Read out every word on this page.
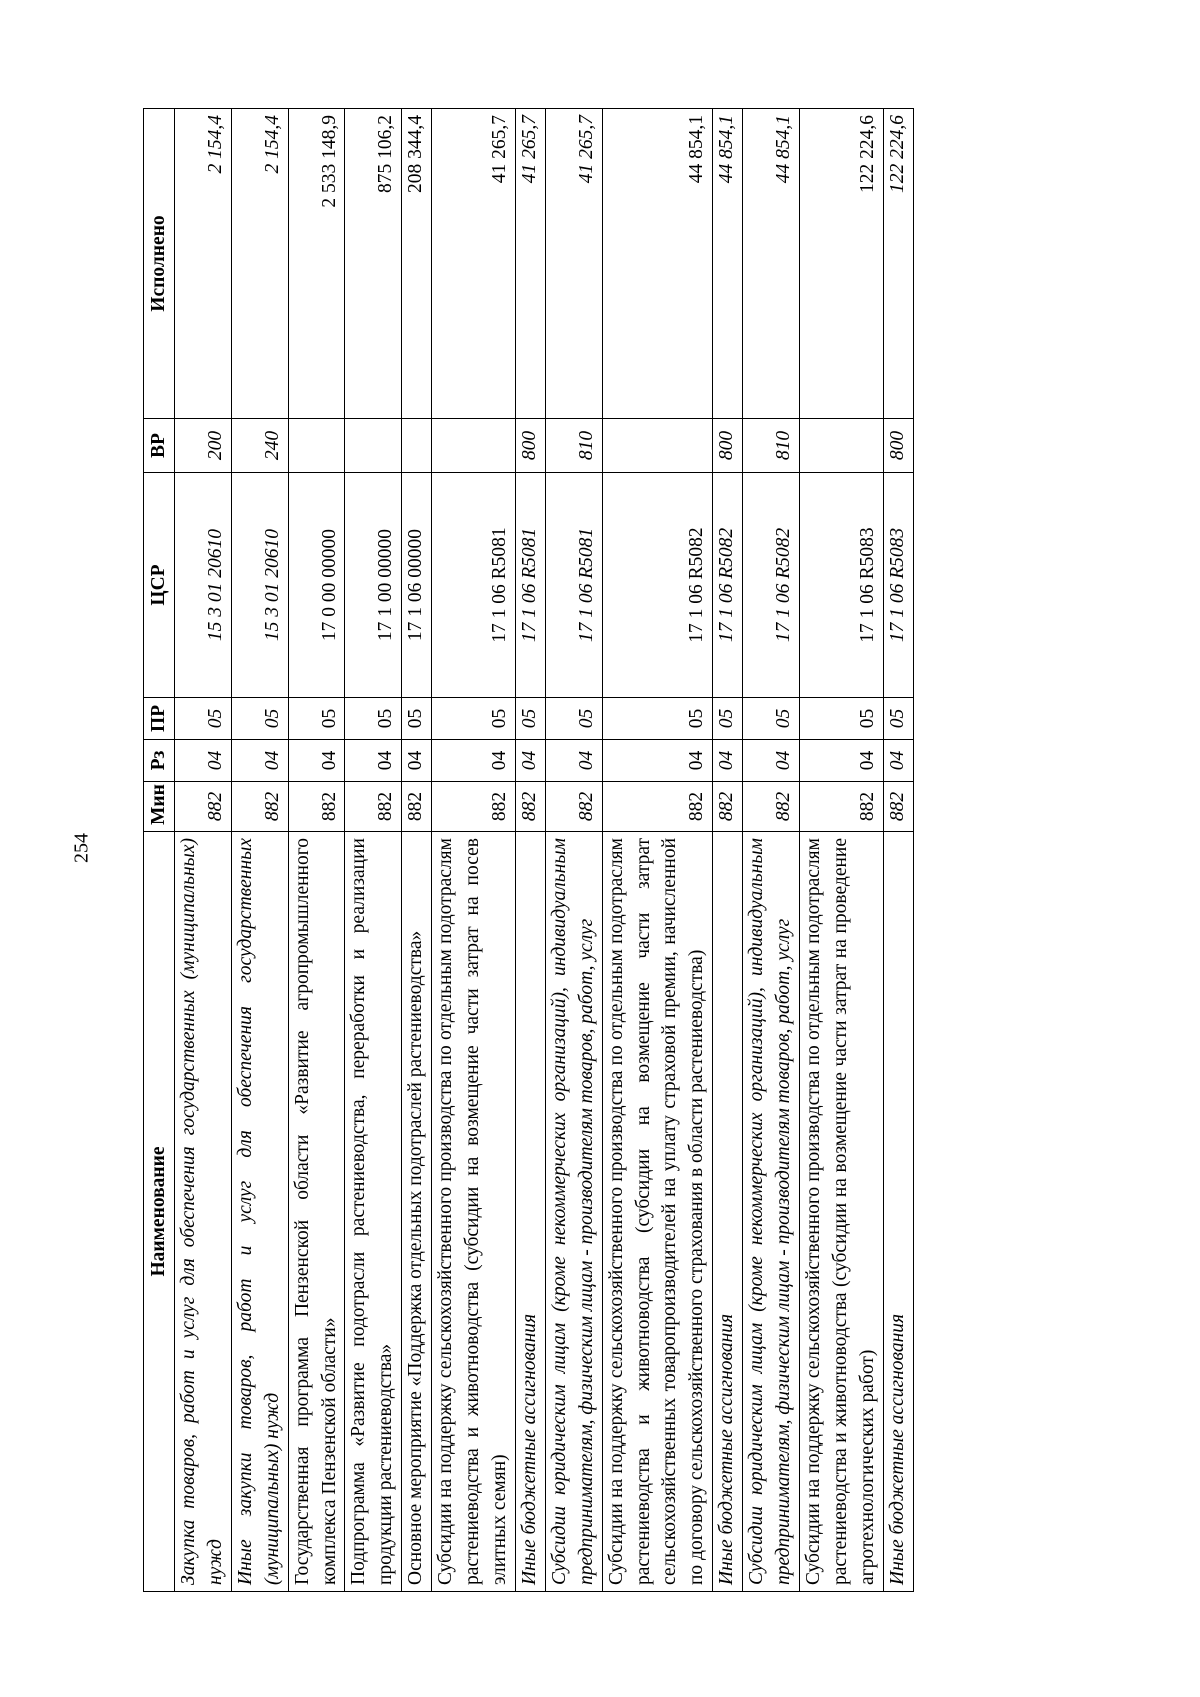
254
Наименование	Мин	Рз	ПР	ЦСР	ВР	Исполнено
Закупка товаров, работ и услуг для обеспечения государственных (муниципальных) нужд	882	04	05	15 3 01 20610	200	2 154,4
Иные закупки товаров, работ и услуг для обеспечения государственных (муниципальных) нужд	882	04	05	15 3 01 20610	240	2 154,4
Государственная программа Пензенской области «Развитие агропромышленного комплекса Пензенской области»	882	04	05	17 0 00 00000		2 533 148,9
Подпрограмма «Развитие подотрасли растениеводства, переработки и реализации продукции растениеводства»	882	04	05	17 1 00 00000		875 106,2
Основное мероприятие «Поддержка отдельных подотраслей растениеводства»	882	04	05	17 1 06 00000		208 344,4
Субсидии на поддержку сельскохозяйственного производства по отдельным подотраслям растениеводства и животноводства (субсидии на возмещение части затрат на посев элитных семян)	882	04	05	17 1 06 R5081		41 265,7
Иные бюджетные ассигнования	882	04	05	17 1 06 R5081	800	41 265,7
Субсидии юридическим лицам (кроме некоммерческих организаций), индивидуальным предпринимателям, физическим лицам - производителям товаров, работ, услуг	882	04	05	17 1 06 R5081	810	41 265,7
Субсидии на поддержку сельскохозяйственного производства по отдельным подотраслям растениеводства и животноводства (субсидии на возмещение части затрат сельскохозяйственных товаропроизводителей на уплату страховой премии, начисленной по договору сельскохозяйственного страхования в области растениеводства)	882	04	05	17 1 06 R5082		44 854,1
Иные бюджетные ассигнования	882	04	05	17 1 06 R5082	800	44 854,1
Субсидии юридическим лицам (кроме некоммерческих организаций), индивидуальным предпринимателям, физическим лицам - производителям товаров, работ, услуг	882	04	05	17 1 06 R5082	810	44 854,1
Субсидии на поддержку сельскохозяйственного производства по отдельным подотраслям растениеводства и животноводства (субсидии на возмещение части затрат на проведение агротехнологических работ)	882	04	05	17 1 06 R5083		122 224,6
Иные бюджетные ассигнования	882	04	05	17 1 06 R5083	800	122 224,6
